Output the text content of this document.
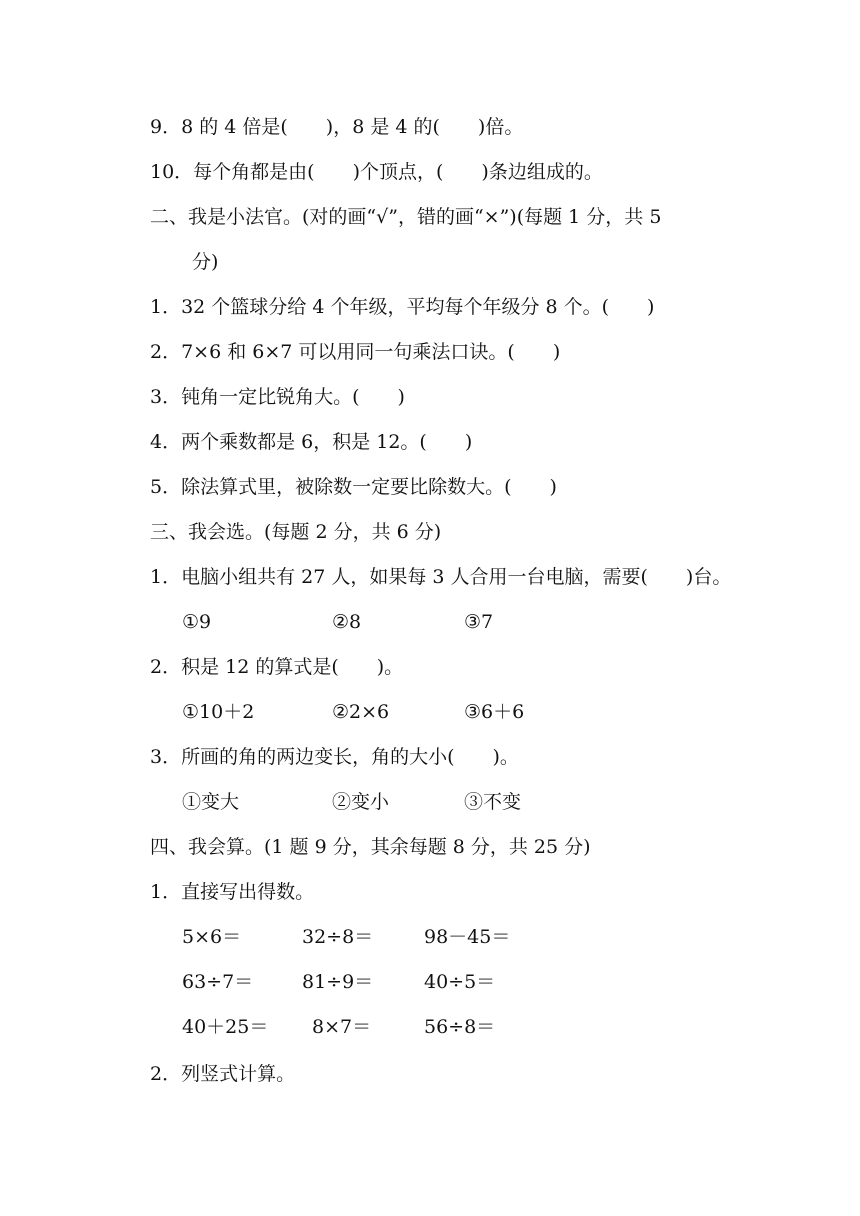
9．8 的 4 倍是(　　)，8 是 4 的(　　)倍。
10．每个角都是由(　　)个顶点，(　　)条边组成的。
二、我是小法官。(对的画“√”，错的画“×”)(每题 1 分，共 5
分)
1．32 个篮球分给 4 个年级，平均每个年级分 8 个。(　　)
2．7×6 和 6×7 可以用同一句乘法口诀。(　　)
3．钝角一定比锐角大。(　　)
4．两个乘数都是 6，积是 12。(　　)
5．除法算式里，被除数一定要比除数大。(　　)
三、我会选。(每题 2 分，共 6 分)
1．电脑小组共有 27 人，如果每 3 人合用一台电脑，需要(　　)台。
①9	②8	③7
2．积是 12 的算式是(　　)。
①10＋2	②2×6	③6＋6
3．所画的角的两边变长，角的大小(　　)。
①变大	②变小	③不变
四、我会算。(1 题 9 分，其余每题 8 分，共 25 分)
1．直接写出得数。
5×6＝	32÷8＝	98－45＝
63÷7＝	81÷9＝	40÷5＝
40＋25＝ 8×7＝	56÷8＝
2．列竖式计算。
